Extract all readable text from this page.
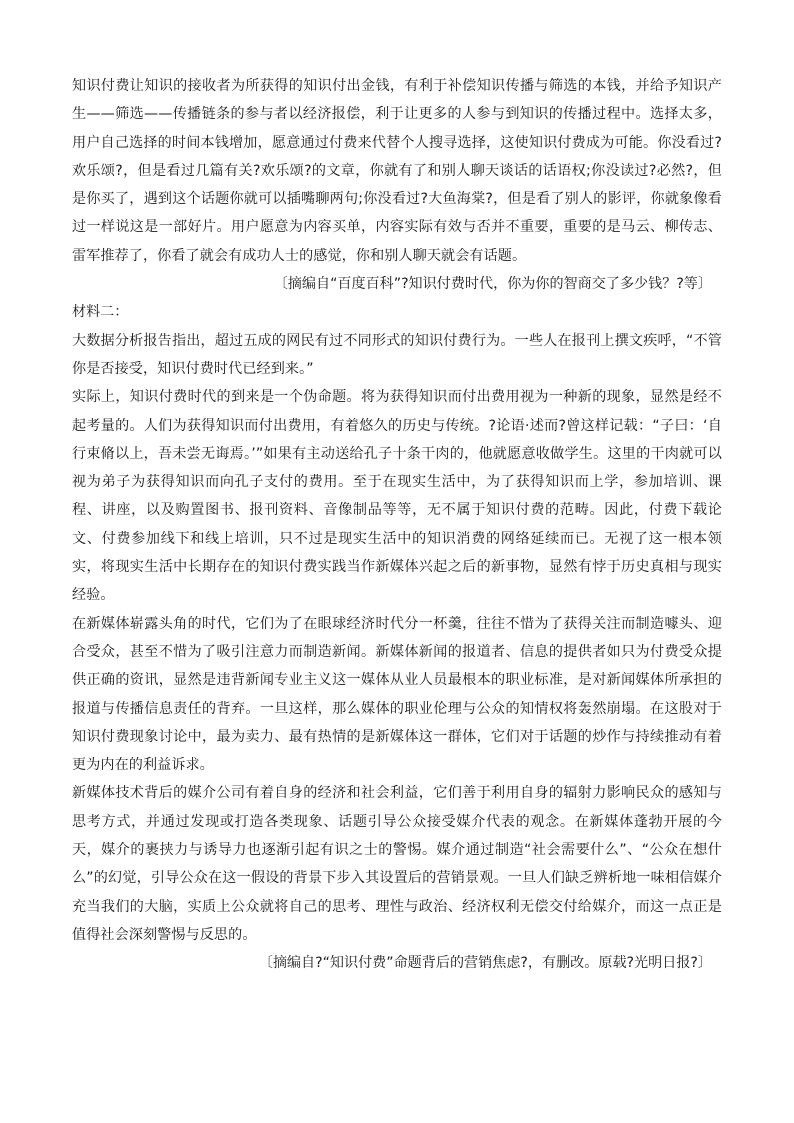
知识付费让知识的接收者为所获得的知识付出金钱，有利于补偿知识传播与筛选的本钱，并给予知识产生——筛选——传播链条的参与者以经济报偿，利于让更多的人参与到知识的传播过程中。选择太多，用户自己选择的时间本钱增加，愿意通过付费来代替个人搜寻选择，这使知识付费成为可能。你没看过?欢乐颂?，但是看过几篇有关?欢乐颂?的文章，你就有了和别人聊天谈话的话语权;你没读过?必然?，但是你买了，遇到这个话题你就可以插嘴聊两句;你没看过?大鱼海棠?，但是看了别人的影评，你就象像看过一样说这是一部好片。用户愿意为内容买单，内容实际有效与否并不重要，重要的是马云、柳传志、雷军推荐了，你看了就会有成功人士的感觉，你和别人聊天就会有话题。

〔摘编自“百度百科”?知识付费时代，你为你的智商交了多少钱？?等〕

材料二：

大数据分析报告指出，超过五成的网民有过不同形式的知识付费行为。一些人在报刊上撰文疾呼，“不管你是否接受，知识付费时代已经到来。”

实际上，知识付费时代的到来是一个伪命题。将为获得知识而付出费用视为一种新的现象，显然是经不起考量的。人们为获得知识而付出费用，有着悠久的历史与传统。?论语·述而?曾这样记载：“子曰：‘自行束脩以上，吾未尝无诲焉。’”如果有主动送给孔子十条干肉的，他就愿意收做学生。这里的干肉就可以视为弟子为获得知识而向孔子支付的费用。至于在现实生活中，为了获得知识而上学，参加培训、课程、讲座，以及购置图书、报刊资料、音像制品等等，无不属于知识付费的范畴。因此，付费下载论文、付费参加线下和线上培训，只不过是现实生活中的知识消费的网络延续而已。无视了这一根本领实，将现实生活中长期存在的知识付费实践当作新媒体兴起之后的新事物，显然有悖于历史真相与现实经验。

在新媒体崭露头角的时代，它们为了在眼球经济时代分一杯羹，往往不惜为了获得关注而制造噱头、迎合受众，甚至不惜为了吸引注意力而制造新闻。新媒体新闻的报道者、信息的提供者如只为付费受众提供正确的资讯，显然是违背新闻专业主义这一媒体从业人员最根本的职业标准，是对新闻媒体所承担的报道与传播信息责任的背弃。一旦这样，那么媒体的职业伦理与公众的知情权将轰然崩塌。在这股对于知识付费现象讨论中，最为卖力、最有热情的是新媒体这一群体，它们对于话题的炒作与持续推动有着更为内在的利益诉求。

新媒体技术背后的媒介公司有着自身的经济和社会利益，它们善于利用自身的辐射力影响民众的感知与思考方式，并通过发现或打造各类现象、话题引导公众接受媒介代表的观念。在新媒体蓬勃开展的今天，媒介的裹挟力与诱导力也逐渐引起有识之士的警惕。媒介通过制造“社会需要什么”、“公众在想什么”的幻觉，引导公众在这一假设的背景下步入其设置后的营销景观。一旦人们缺乏辨析地一味相信媒介充当我们的大脑，实质上公众就将自己的思考、理性与政治、经济权利无偿交付给媒介，而这一点正是值得社会深刻警惕与反思的。

〔摘编自?“知识付费”命题背后的营销焦虑?，有删改。原载?光明日报?〕
